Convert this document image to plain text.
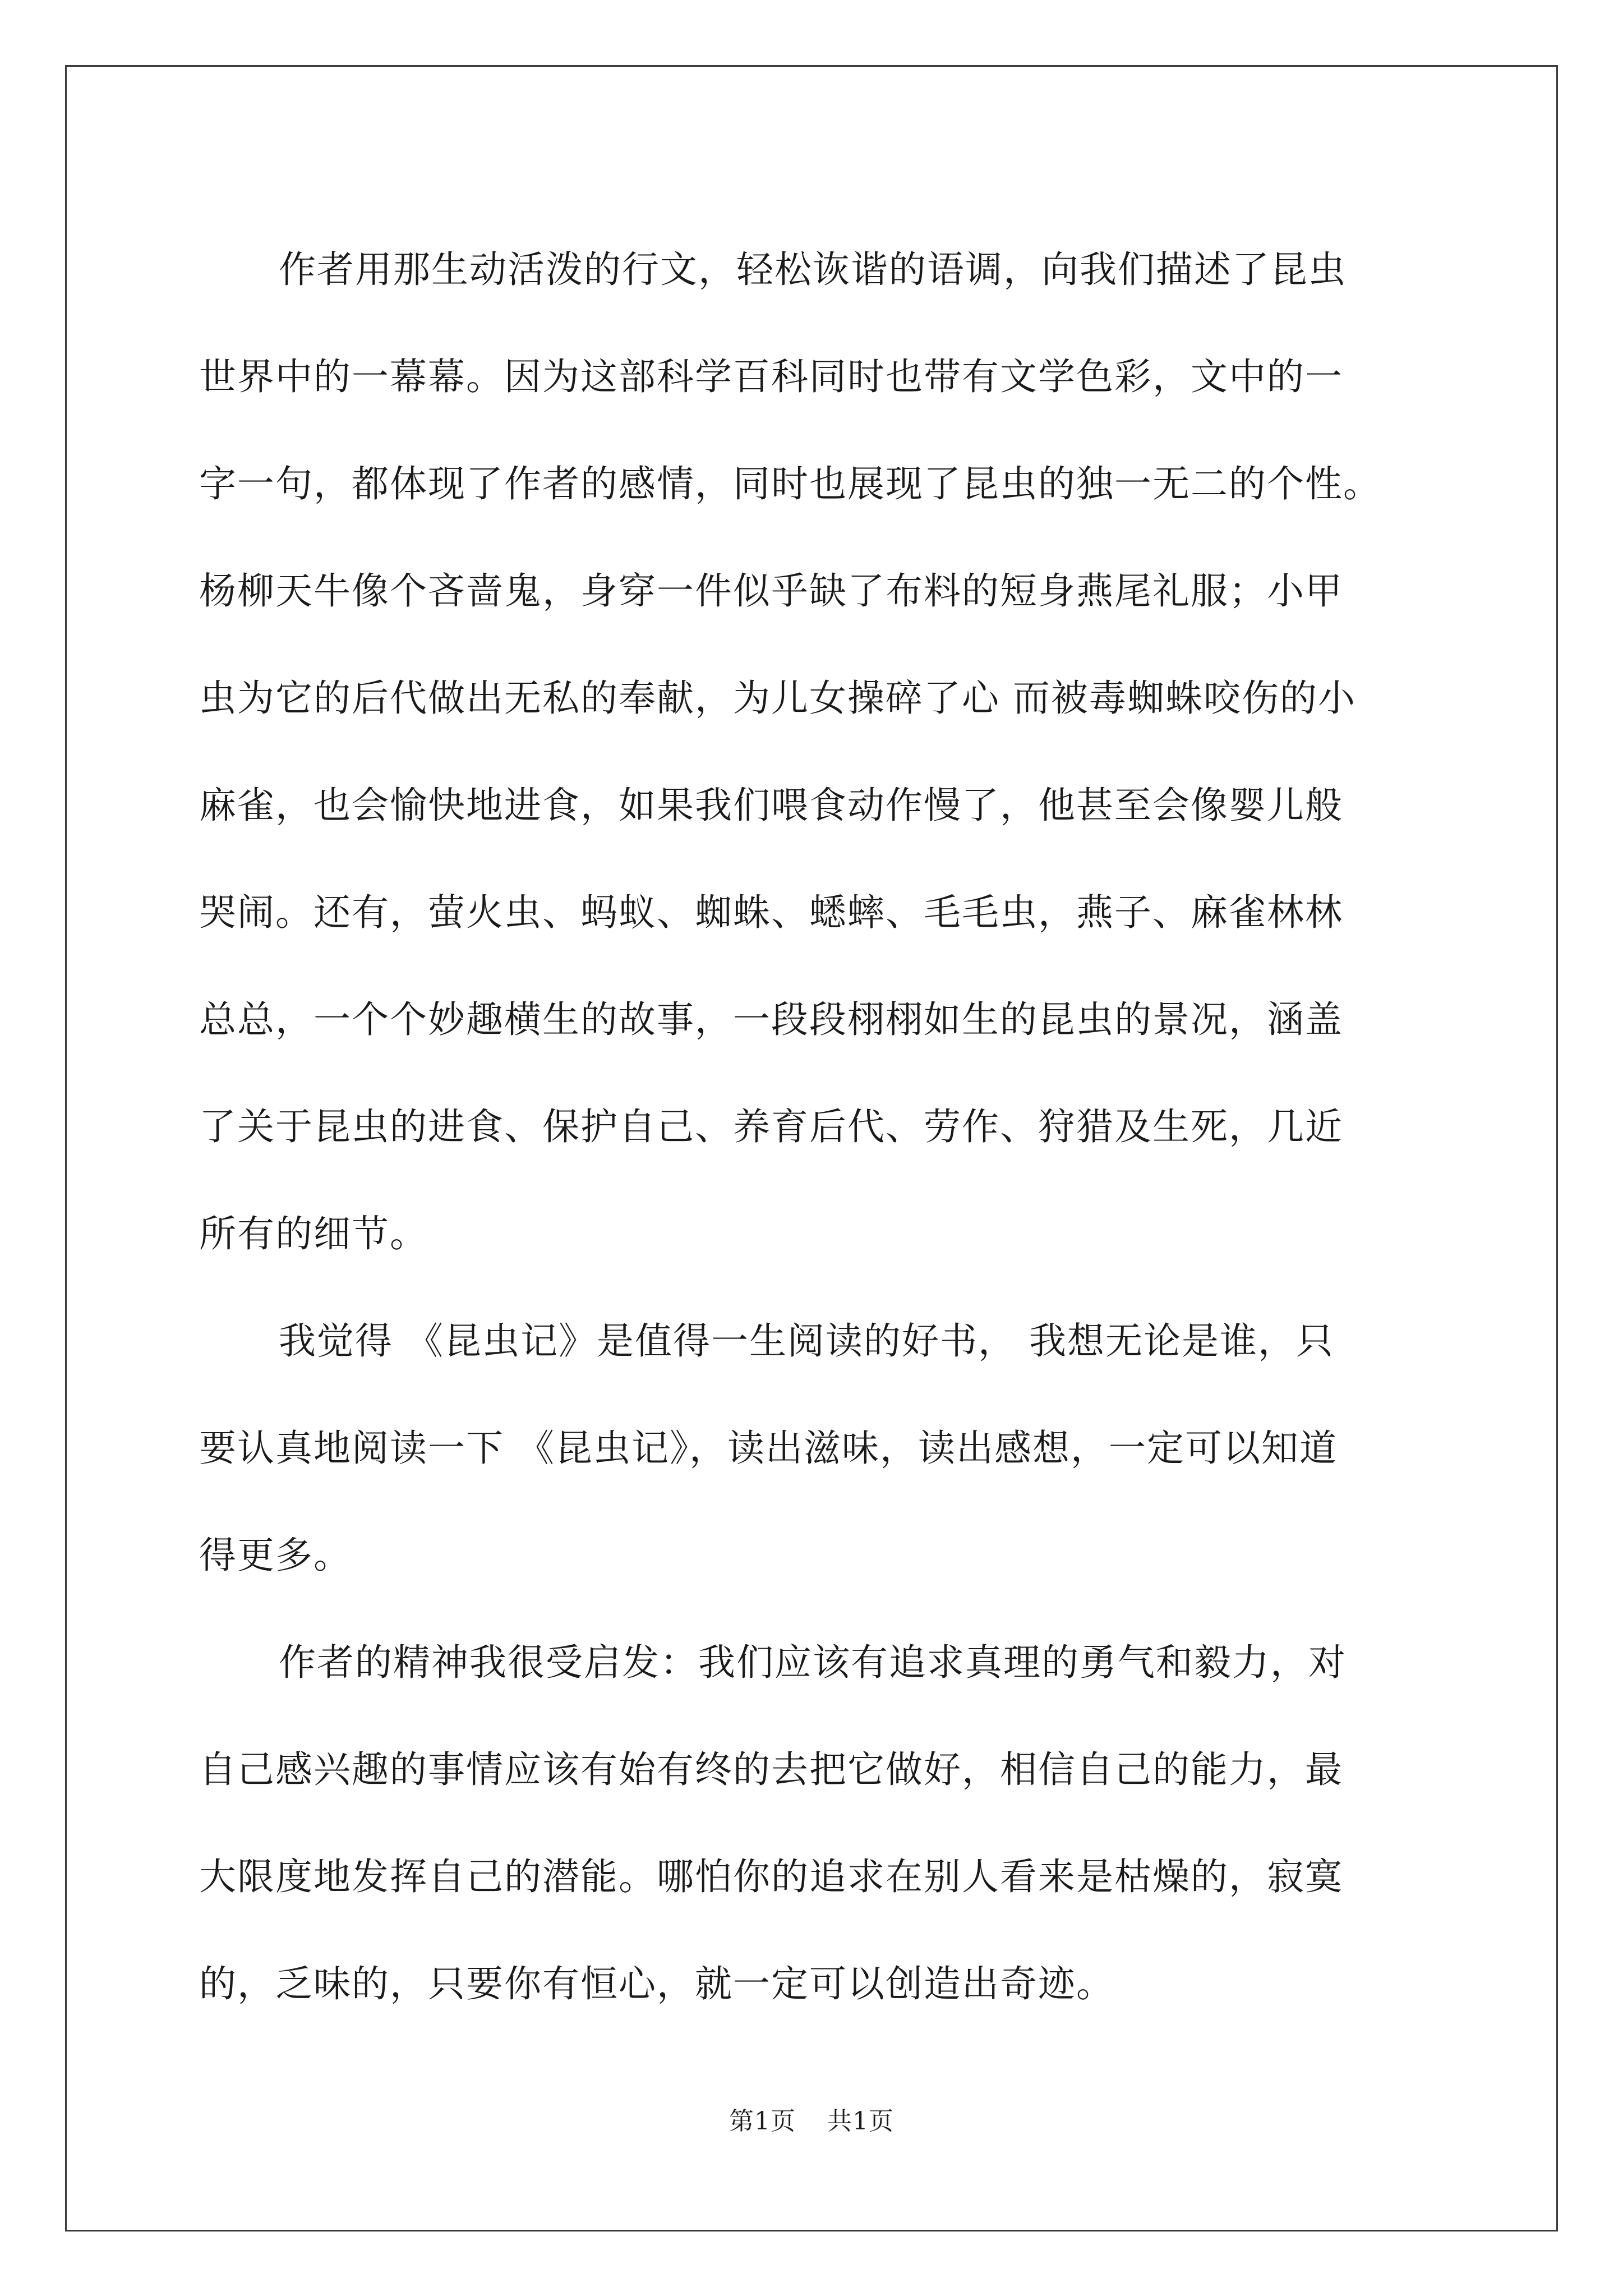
作者用那生动活泼的行文，轻松诙谐的语调，向我们描述了昆虫
世界中的一幕幕。因为这部科学百科同时也带有文学色彩，文中的一
字一句，都体现了作者的感情，同时也展现了昆虫的独一无二的个性。
杨柳天牛像个吝啬鬼，身穿一件似乎缺了布料的短身燕尾礼服；小甲
虫为它的后代做出无私的奉献，为儿女操碎了心 而被毒蜘蛛咬伤的小
麻雀，也会愉快地进食，如果我们喂食动作慢了，他甚至会像婴儿般
哭闹。还有，萤火虫、蚂蚁、蜘蛛、蟋蟀、毛毛虫，燕子、麻雀林林
总总，一个个妙趣横生的故事，一段段栩栩如生的昆虫的景况，涵盖
了关于昆虫的进食、保护自己、养育后代、劳作、狩猎及生死，几近
所有的细节。
我觉得 《昆虫记》是值得一生阅读的好书， 我想无论是谁，只
要认真地阅读一下 《昆虫记》，读出滋味，读出感想，一定可以知道
得更多。
作者的精神我很受启发：我们应该有追求真理的勇气和毅力，对
自己感兴趣的事情应该有始有终的去把它做好，相信自己的能力，最
大限度地发挥自己的潜能。哪怕你的追求在别人看来是枯燥的，寂寞
的，乏味的，只要你有恒心，就一定可以创造出奇迹。
第1页 共1页
